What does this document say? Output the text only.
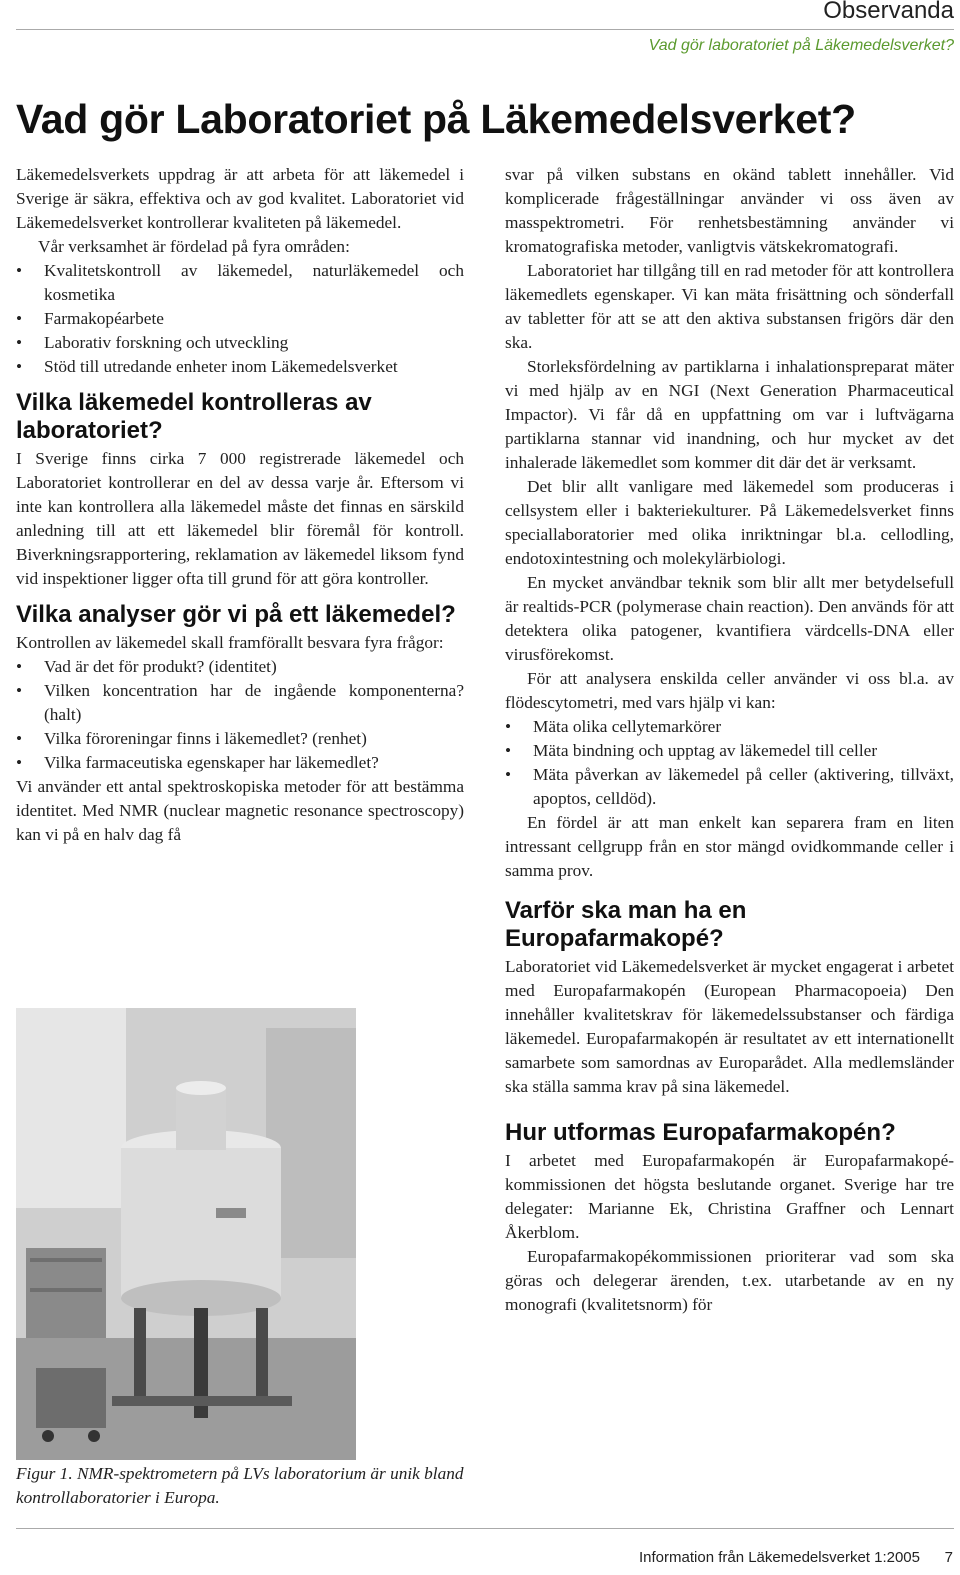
Observanda
Vad gör laboratoriet på Läkemedelsverket?
Vad gör Laboratoriet på Läkemedelsverket?

Läkemedelsverkets uppdrag är att arbeta för att läkemedel i Sverige är säkra, effektiva och av god kvalitet. Laboratoriet vid Läkemedelsverket kontrollerar kvaliteten på läkemedel.

Vår verksamhet är fördelad på fyra områden:

• Kvalitetskontroll av läkemedel, naturläkemedel och kosmetika
• Farmakopéarbete
• Laborativ forskning och utveckling
• Stöd till utredande enheter inom Läkemedelsverket
Vilka läkemedel kontrolleras av laboratoriet?

I Sverige finns cirka 7 000 registrerade läkemedel och Laboratoriet kontrollerar en del av dessa varje år. Eftersom vi inte kan kontrollera alla läkemedel måste det finnas en särskild anledning till att ett läkemedel blir föremål för kontroll. Biverkningsrapportering, reklamation av läkemedel liksom fynd vid inspektioner ligger ofta till grund för att göra kontroller.

Vilka analyser gör vi på ett läkemedel?

Kontrollen av läkemedel skall framförallt besvara fyra frågor:

• Vad är det för produkt? (identitet)
• Vilken koncentration har de ingående komponenterna? (halt)
• Vilka föroreningar finns i läkemedlet? (renhet)
• Vilka farmaceutiska egenskaper har läkemedlet?

Vi använder ett antal spektroskopiska metoder för att bestämma identitet. Med NMR (nuclear magnetic resonance spectroscopy) kan vi på en halv dag få

Figur 1. NMR-spektrometern på LVs laboratorium är unik bland kontrollaboratorier i Europa.

svar på vilken substans en okänd tablett innehåller. Vid komplicerade frågeställningar använder vi oss även av masspektrometri. För renhetsbestämning använder vi kromatografiska metoder, vanligtvis vätskekromatografi.

Laboratoriet har tillgång till en rad metoder för att kontrollera läkemedlets egenskaper. Vi kan mäta frisättning och sönderfall av tabletter för att se att den aktiva substansen frigörs där den ska.

Storleksfördelning av partiklarna i inhalationspreparat mäter vi med hjälp av en NGI (Next Generation Pharmaceutical Impactor). Vi får då en uppfattning om var i luftvägarna partiklarna stannar vid inandning, och hur mycket av det inhalerade läkemedlet som kommer dit där det är verksamt.

Det blir allt vanligare med läkemedel som produceras i cellsystem eller i bakteriekulturer. På Läkemedelsverket finns speciallaboratorier med olika inriktningar bl.a. cellodling, endotoxintestning och molekylärbiologi.

En mycket användbar teknik som blir allt mer betydelsefull är realtids-PCR (polymerase chain reaction). Den används för att detektera olika patogener, kvantifiera värdcells-DNA eller virusförekomst.

För att analysera enskilda celler använder vi oss bl.a. av flödescytometri, med vars hjälp vi kan:

• Mäta olika cellytemarkörer
• Mäta bindning och upptag av läkemedel till celler
• Mäta påverkan av läkemedel på celler (aktivering, tillväxt, apoptos, celldöd).

En fördel är att man enkelt kan separera fram en liten intressant cellgrupp från en stor mängd ovidkommande celler i samma prov.

Varför ska man ha en Europafarmakopé?

Laboratoriet vid Läkemedelsverket är mycket engagerat i arbetet med Europafarmakopén (European Pharmacopoeia) Den innehåller kvalitetskrav för läkemedelssubstanser och färdiga läkemedel. Europafarmakopén är resultatet av ett internationellt samarbete som samordnas av Europarådet. Alla medlemsländer ska ställa samma krav på sina läkemedel.

Hur utformas Europafarmakopén?

I arbetet med Europafarmakopén är Europafarmakopé-kommissionen det högsta beslutande organet. Sverige har tre delegater: Marianne Ek, Christina Graffner och Lennart Åkerblom.

Europafarmakopékommissionen prioriterar vad som ska göras och delegerar ärenden, t.ex. utarbetande av en ny monografi (kvalitetsnorm) för

Information från Läkemedelsverket 1:2005 7
